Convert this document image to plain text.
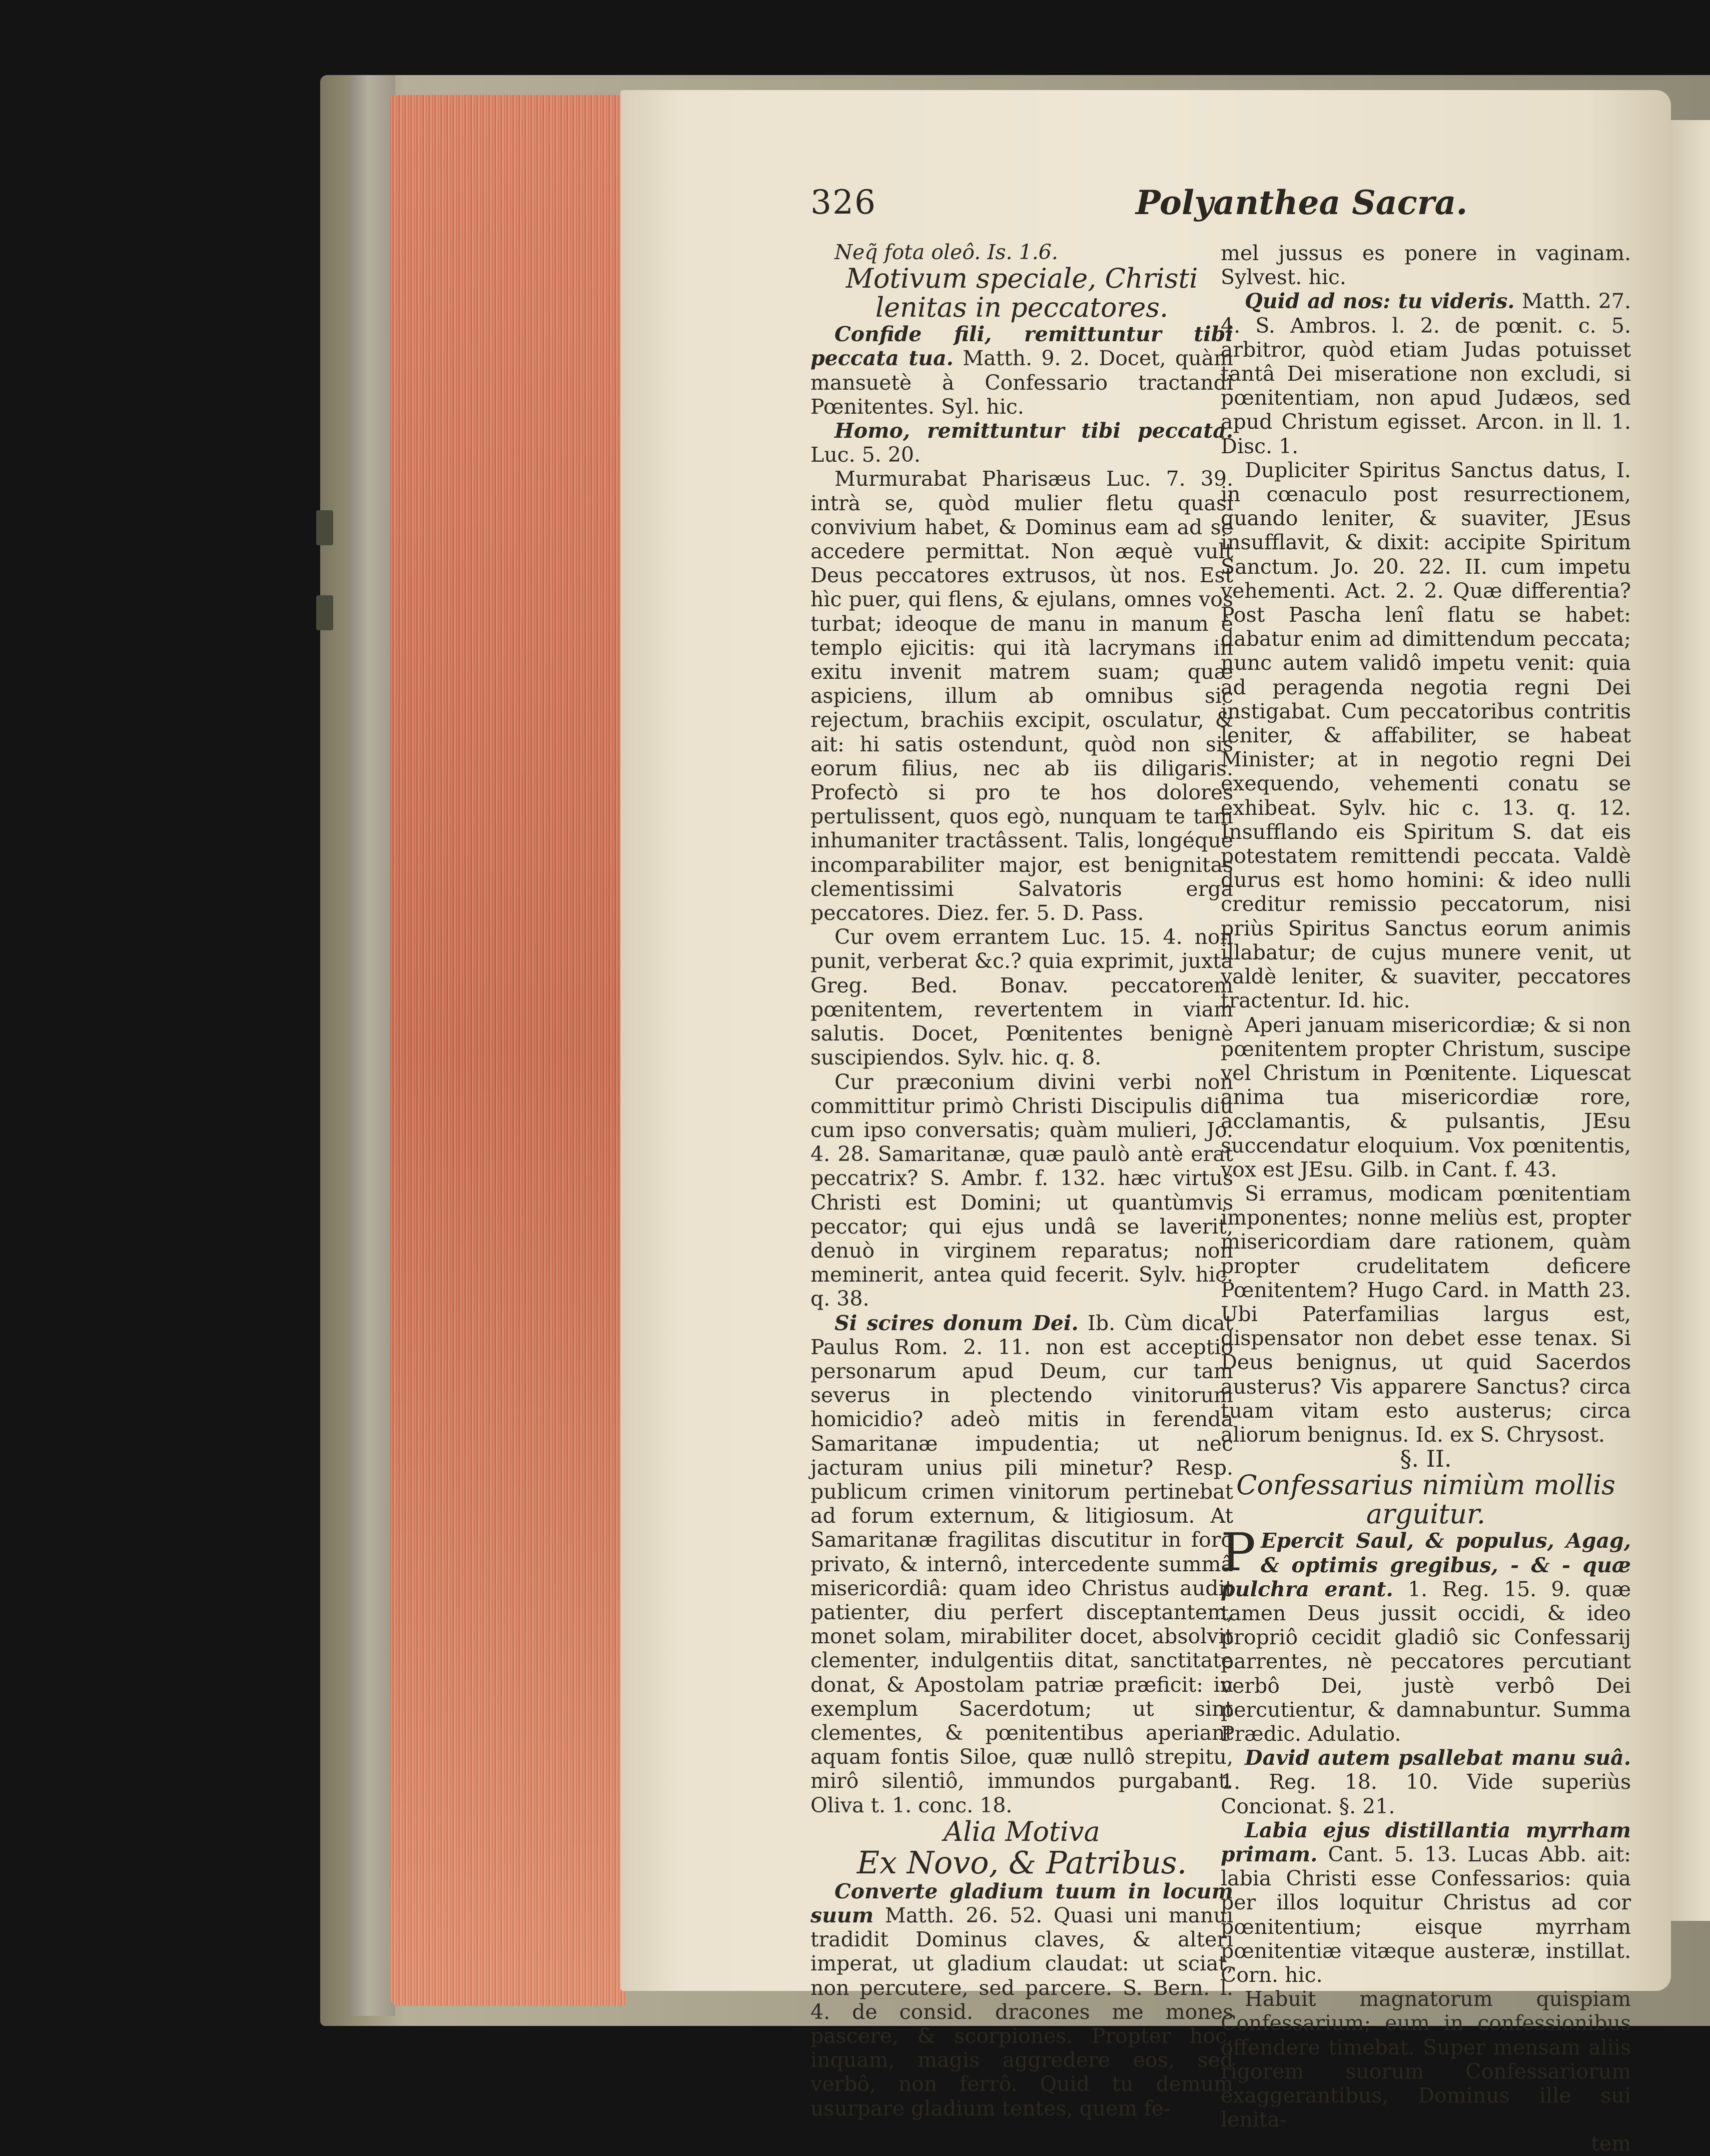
326	Polyanthea Sacra.

Neq̃ fota oleô. Is. 1.6.

Motivum speciale, Christi lenitas in peccatores.

Confide fili, remittuntur tibi peccata tua. Matth. 9. 2. Docet, quàm mansuetè à Confessario tractandi Pœnitentes. Syl. hic.

Homo, remittuntur tibi peccata. Luc. 5. 20.

Murmurabat Pharisæus Luc. 7. 39. intrà se, quòd mulier fletu quasi convivium habet, & Dominus eam ad se accedere permittat. Non æquè vult Deus peccatores extrusos, ùt nos. Est hìc puer, qui flens, & ejulans, omnes vos turbat; ideoque de manu in manum è templo ejicitis: qui ità lacrymans in exitu invenit matrem suam; quæ aspiciens, illum ab omnibus sic rejectum, brachiis excipit, osculatur, & ait: hi satis ostendunt, quòd non sis eorum filius, nec ab iis diligaris. Profectò si pro te hos dolores pertulissent, quos egò, nunquam te tam inhumaniter tractâssent. Talis, longéque incomparabiliter major, est benignitas clementissimi Salvatoris erga peccatores. Diez. fer. 5. D. Pass.

Cur ovem errantem Luc. 15. 4. non punit, verberat &c.? quia exprimit, juxta Greg. Bed. Bonav. peccatorem pœnitentem, revertentem in viam salutis. Docet, Pœnitentes benignè suscipiendos. Sylv. hic. q. 8.

Cur præconium divini verbi non committitur primò Christi Discipulis diu cum ipso conversatis; quàm mulieri, Jo. 4. 28. Samaritanæ, quæ paulò antè erat peccatrix? S. Ambr. f. 132. hæc virtus Christi est Domini; ut quantùmvis peccator; qui ejus undâ se laverit, denuò in virginem reparatus; non meminerit, antea quid fecerit. Sylv. hic. q. 38.

Si scires donum Dei. Ib. Cùm dicat Paulus Rom. 2. 11. non est acceptio personarum apud Deum, cur tam severus in plectendo vinitorum homicidio? adeò mitis in ferenda Samaritanæ impudentia; ut nec jacturam unius pili minetur? Resp. publicum crimen vinitorum pertinebat ad forum externum, & litigiosum. At Samaritanæ fragilitas discutitur in foro privato, & internô, intercedente summâ misericordiâ: quam ideo Christus audit patienter, diu perfert disceptantem, monet solam, mirabiliter docet, absolvit clementer, indulgentiis ditat, sanctitate donat, & Apostolam patriæ præficit: in exemplum Sacerdotum; ut sint clementes, & pœnitentibus aperiant aquam fontis Siloe, quæ nullô strepitu, mirô silentiô, immundos purgabant. Oliva t. 1. conc. 18.

Alia Motiva

Ex Novo, & Patribus.

Converte gladium tuum in locum suum Matth. 26. 52. Quasi uni manui tradidit Dominus claves, & alteri imperat, ut gladium claudat: ut sciat, non percutere, sed parcere. S. Bern. l. 4. de consid. dracones me mones pascere, & scorpiones. Propter hoc, inquam, magis aggredere eos, sed verbô, non ferrô. Quid tu demum usurpare gladium tentes, quem fe-

mel jussus es ponere in vaginam. Sylvest. hic.

Quid ad nos: tu videris. Matth. 27. 4. S. Ambros. l. 2. de pœnit. c. 5. arbitror, quòd etiam Judas potuisset tantâ Dei miseratione non excludi, si pœnitentiam, non apud Judæos, sed apud Christum egisset. Arcon. in ll. 1. Disc. 1.

Dupliciter Spiritus Sanctus datus, I. in cœnaculo post resurrectionem, quando leniter, & suaviter, JEsus insufflavit, & dixit: accipite Spiritum Sanctum. Jo. 20. 22. II. cum impetu vehementi. Act. 2. 2. Quæ differentia? Post Pascha lenî flatu se habet: dabatur enim ad dimittendum peccata; nunc autem validô impetu venit: quia ad peragenda negotia regni Dei instigabat. Cum peccatoribus contritis leniter, & affabiliter, se habeat Minister; at in negotio regni Dei exequendo, vehementi conatu se exhibeat. Sylv. hic c. 13. q. 12. Insufflando eis Spiritum S. dat eis potestatem remittendi peccata. Valdè durus est homo homini: & ideo nulli creditur remissio peccatorum, nisi priùs Spiritus Sanctus eorum animis illabatur; de cujus munere venit, ut valdè leniter, & suaviter, peccatores tractentur. Id. hic.

Aperi januam misericordiæ; & si non pœnitentem propter Christum, suscipe vel Christum in Pœnitente. Liquescat anima tua misericordiæ rore, acclamantis, & pulsantis, JEsu succendatur eloquium. Vox pœnitentis, vox est JEsu. Gilb. in Cant. f. 43.

Si erramus, modicam pœnitentiam imponentes; nonne meliùs est, propter misericordiam dare rationem, quàm propter crudelitatem deficere Pœnitentem? Hugo Card. in Matth 23. Ubi Paterfamilias largus est, dispensator non debet esse tenax. Si Deus benignus, ut quid Sacerdos austerus? Vis apparere Sanctus? circa tuam vitam esto austerus; circa aliorum benignus. Id. ex S. Chrysost.

§. II.

Confessarius nimiùm mollis arguitur.

P Epercit Saul, & populus, Agag, & optimis gregibus, - & - quæ pulchra erant. 1. Reg. 15. 9. quæ tamen Deus jussit occidi, & ideo propriô cecidit gladiô sic Confessarij parrentes, nè peccatores percutiant verbô Dei, justè verbô Dei percutientur, & damnabuntur. Summa Prædic. Adulatio.

David autem psallebat manu suâ. 1. Reg. 18. 10. Vide superiùs Concionat. §. 21.

Labia ejus distillantia myrrham primam. Cant. 5. 13. Lucas Abb. ait: labia Christi esse Confessarios: quia per illos loquitur Christus ad cor pœnitentium; eisque myrrham pœnitentiæ vitæque austeræ, instillat. Corn. hic.

Habuit magnatorum quispiam Confessarium; eum in confessionibus offendere timebat. Super mensam aliis rigorem suorum Confessariorum exaggerantibus, Dominus ille sui lenita-

tem
